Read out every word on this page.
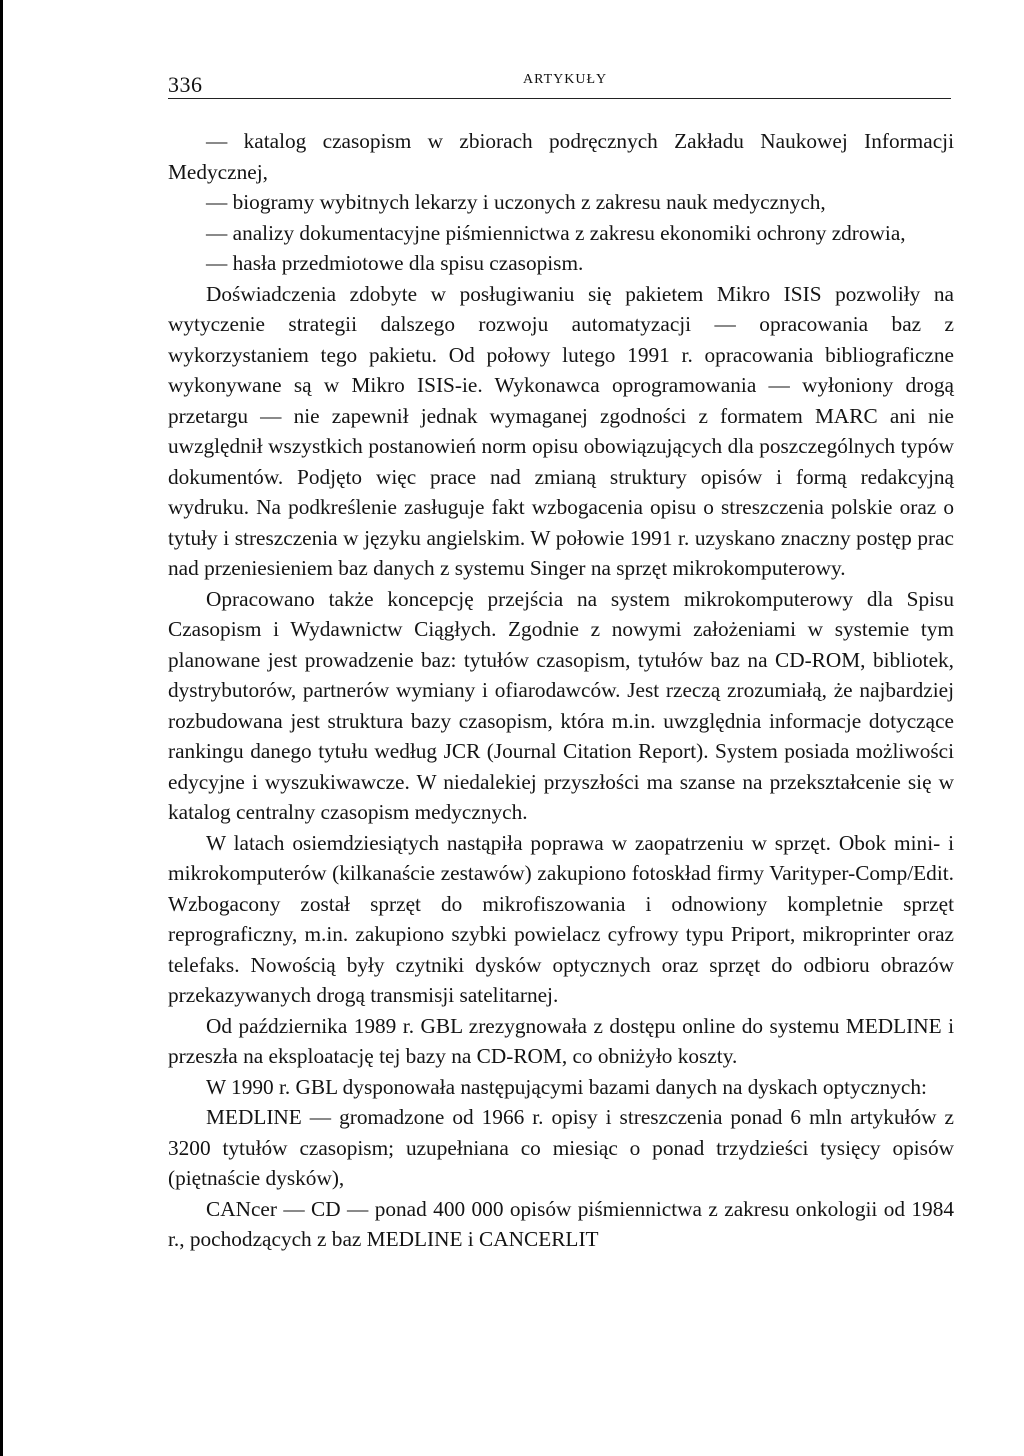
336	ARTYKUŁY

— katalog czasopism w zbiorach podręcznych Zakładu Naukowej Informacji Medycznej,

— biogramy wybitnych lekarzy i uczonych z zakresu nauk medycznych,

— analizy dokumentacyjne piśmiennictwa z zakresu ekonomiki ochrony zdrowia,

— hasła przedmiotowe dla spisu czasopism.

Doświadczenia zdobyte w posługiwaniu się pakietem Mikro ISIS pozwoliły na wytyczenie strategii dalszego rozwoju automatyzacji — opracowania baz z wykorzystaniem tego pakietu. Od połowy lutego 1991 r. opracowania bibliograficzne wykonywane są w Mikro ISIS-ie. Wykonawca oprogramowania — wyłoniony drogą przetargu — nie zapewnił jednak wymaganej zgodności z formatem MARC ani nie uwzględnił wszystkich postanowień norm opisu obowiązujących dla poszczególnych typów dokumentów. Podjęto więc prace nad zmianą struktury opisów i formą redakcyjną wydruku. Na podkreślenie zasługuje fakt wzbogacenia opisu o streszczenia polskie oraz o tytuły i streszczenia w języku angielskim. W połowie 1991 r. uzyskano znaczny postęp prac nad przeniesieniem baz danych z systemu Singer na sprzęt mikrokomputerowy.

Opracowano także koncepcję przejścia na system mikrokomputerowy dla Spisu Czasopism i Wydawnictw Ciągłych. Zgodnie z nowymi założeniami w systemie tym planowane jest prowadzenie baz: tytułów czasopism, tytułów baz na CD-ROM, bibliotek, dystrybutorów, partnerów wymiany i ofiarodawców. Jest rzeczą zrozumiałą, że najbardziej rozbudowana jest struktura bazy czasopism, która m.in. uwzględnia informacje dotyczące rankingu danego tytułu według JCR (Journal Citation Report). System posiada możliwości edycyjne i wyszukiwawcze. W niedalekiej przyszłości ma szanse na przekształcenie się w katalog centralny czasopism medycznych.

W latach osiemdziesiątych nastąpiła poprawa w zaopatrzeniu w sprzęt. Obok mini- i mikrokomputerów (kilkanaście zestawów) zakupiono fotoskład firmy Varityper-Comp/Edit. Wzbogacony został sprzęt do mikrofiszowania i odnowiony kompletnie sprzęt reprograficzny, m.in. zakupiono szybki powielacz cyfrowy typu Priport, mikroprinter oraz telefaks. Nowością były czytniki dysków optycznych oraz sprzęt do odbioru obrazów przekazywanych drogą transmisji satelitarnej.

Od października 1989 r. GBL zrezygnowała z dostępu online do systemu MEDLINE i przeszła na eksploatację tej bazy na CD-ROM, co obniżyło koszty.

W 1990 r. GBL dysponowała następującymi bazami danych na dyskach optycznych:

MEDLINE — gromadzone od 1966 r. opisy i streszczenia ponad 6 mln artykułów z 3200 tytułów czasopism; uzupełniana co miesiąc o ponad trzydzieści tysięcy opisów (piętnaście dysków),

CANcer — CD — ponad 400 000 opisów piśmiennictwa z zakresu onkologii od 1984 r., pochodzących z baz MEDLINE i CANCERLIT
